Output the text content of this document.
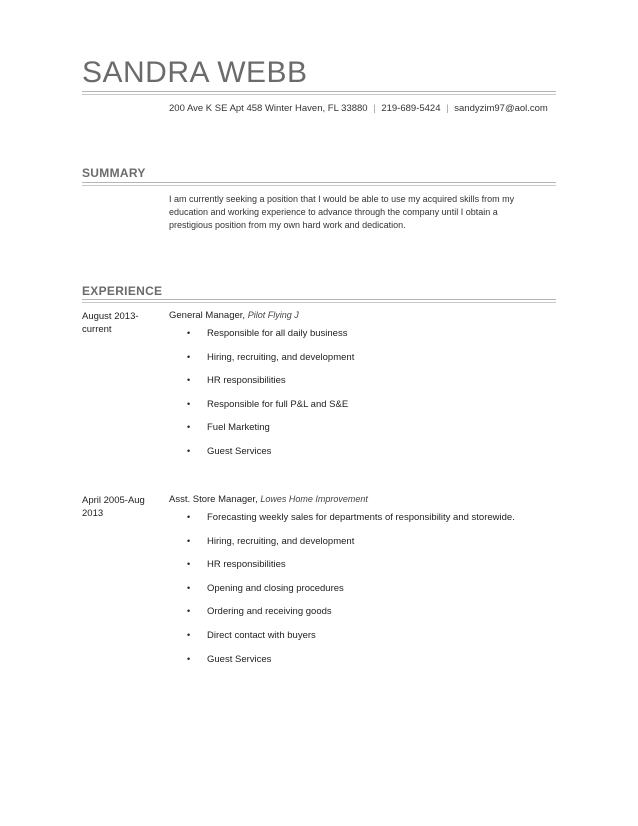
SANDRA WEBB
200 Ave K SE Apt 458 Winter Haven, FL 33880 | 219-689-5424 | sandyzim97@aol.com
SUMMARY

I am currently seeking a position that I would be able to use my acquired skills from my education and working experience to advance through the company until I obtain a prestigious position from my own hard work and dedication.

EXPERIENCE
August 2013-current
General Manager, Pilot Flying J
• Responsible for all daily business
• Hiring, recruiting, and development
• HR responsibilities
• Responsible for full P&L and S&E
• Fuel Marketing
• Guest Services
April 2005-Aug 2013
Asst. Store Manager, Lowes Home Improvement
• Forecasting weekly sales for departments of responsibility and storewide.
• Hiring, recruiting, and development
• HR responsibilities
• Opening and closing procedures
• Ordering and receiving goods
• Direct contact with buyers
• Guest Services
